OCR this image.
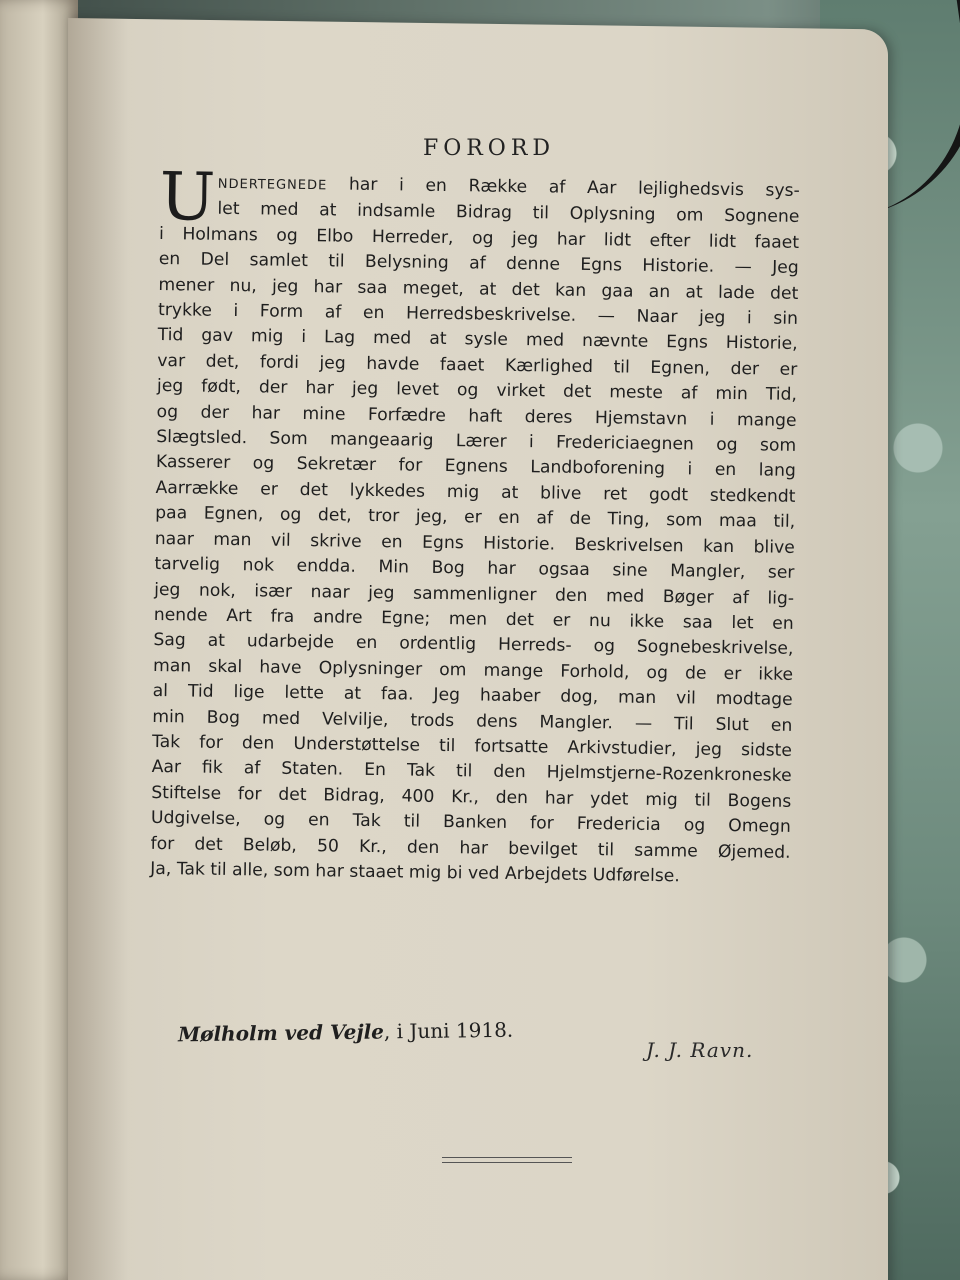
FORORD
U NDERTEGNEDE har i en Række af Aar lejlighedsvis sys-
let med at indsamle Bidrag til Oplysning om Sognene
i Holmans og Elbo Herreder, og jeg har lidt efter lidt faaet
en Del samlet til Belysning af denne Egns Historie. — Jeg
mener nu, jeg har saa meget, at det kan gaa an at lade det
trykke i Form af en Herredsbeskrivelse. — Naar jeg i sin
Tid gav mig i Lag med at sysle med nævnte Egns Historie,
var det, fordi jeg havde faaet Kærlighed til Egnen, der er
jeg født, der har jeg levet og virket det meste af min Tid,
og der har mine Forfædre haft deres Hjemstavn i mange
Slægtsled. Som mangeaarig Lærer i Fredericiaegnen og som
Kasserer og Sekretær for Egnens Landboforening i en lang
Aarrække er det lykkedes mig at blive ret godt stedkendt
paa Egnen, og det, tror jeg, er en af de Ting, som maa til,
naar man vil skrive en Egns Historie. Beskrivelsen kan blive
tarvelig nok endda. Min Bog har ogsaa sine Mangler, ser
jeg nok, især naar jeg sammenligner den med Bøger af lig-
nende Art fra andre Egne; men det er nu ikke saa let en
Sag at udarbejde en ordentlig Herreds- og Sognebeskrivelse,
man skal have Oplysninger om mange Forhold, og de er ikke
al Tid lige lette at faa. Jeg haaber dog, man vil modtage
min Bog med Velvilje, trods dens Mangler. — Til Slut en
Tak for den Understøttelse til fortsatte Arkivstudier, jeg sidste
Aar fik af Staten. En Tak til den Hjelmstjerne-Rozenkroneske
Stiftelse for det Bidrag, 400 Kr., den har ydet mig til Bogens
Udgivelse, og en Tak til Banken for Fredericia og Omegn
for det Beløb, 50 Kr., den har bevilget til samme Øjemed.
Ja, Tak til alle, som har staaet mig bi ved Arbejdets Udførelse.
Mølholm ved Vejle, i Juni 1918.
J. J. Ravn.
